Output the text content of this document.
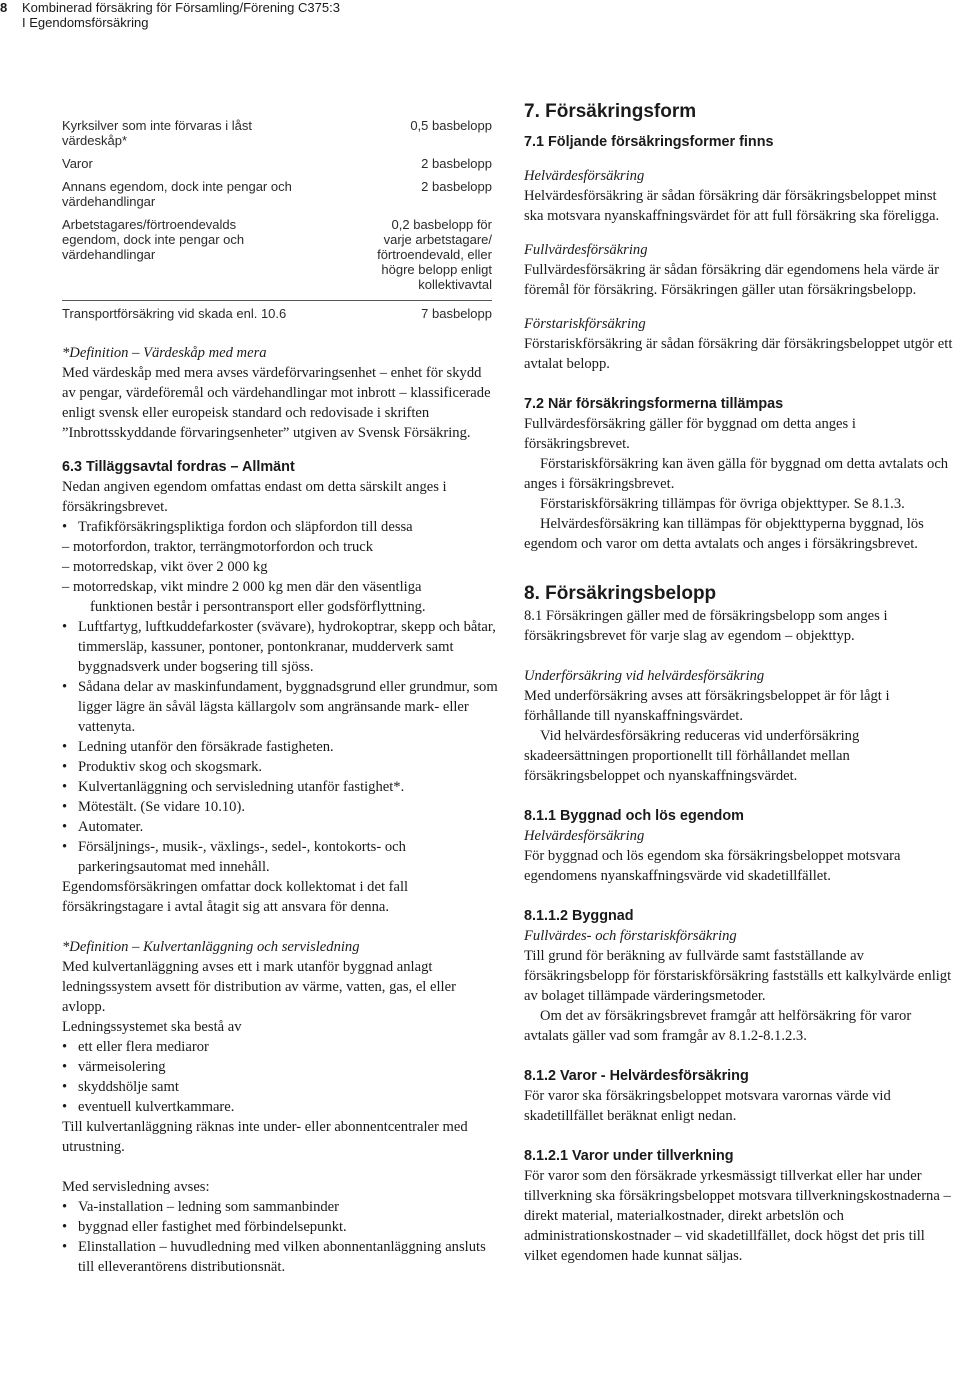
8 Kombinerad försäkring för Församling/Förening C375:3
I Egendomsförsäkring
Kyrksilver som inte förvaras i låst värdeskåp*	0,5 basbelopp
Varor	2 basbelopp
Annans egendom, dock inte pengar och värdehandlingar	2 basbelopp
Arbetstagares/förtroendevalds egendom, dock inte pengar och värdehandlingar	0,2 basbelopp för varje arbetstagare/ förtroendevald, eller högre belopp enligt kollektivavtal

Transportförsäkring vid skada enl. 10.6	7 basbelopp

*Definition – Värdeskåp med mera

Med värdeskåp med mera avses värdeförvaringsenhet – enhet för skydd av pengar, värdeföremål och värdehandlingar mot inbrott – klassificerade enligt svensk eller europeisk standard och redovisade i skriften ”Inbrottsskyddande förvaringsenheter” utgiven av Svensk Försäkring.

6.3 Tilläggsavtal fordras – Allmänt

Nedan angiven egendom omfattas endast om detta särskilt anges i försäkringsbrevet.

• Trafikförsäkringspliktiga fordon och släpfordon till dessa
– motorfordon, traktor, terrängmotorfordon och truck
– motorredskap, vikt över 2 000 kg
– motorredskap, vikt mindre 2 000 kg men där den väsentliga
funktionen består i persontransport eller godsförflyttning.
• Luftfartyg, luftkuddefarkoster (svävare), hydrokoptrar, skepp och båtar, timmersläp, kassuner, pontoner, pontonkranar, mudderverk samt byggnadsverk under bogsering till sjöss.
• Sådana delar av maskinfundament, byggnadsgrund eller grundmur, som ligger lägre än såväl lägsta källargolv som angränsande mark- eller vattenyta.
• Ledning utanför den försäkrade fastigheten.
• Produktiv skog och skogsmark.
• Kulvertanläggning och servisledning utanför fastighet*.
• Mötestält. (Se vidare 10.10).
• Automater.
• Försäljnings-, musik-, växlings-, sedel-, kontokorts- och parkeringsautomat med innehåll.

Egendomsförsäkringen omfattar dock kollektomat i det fall försäkringstagare i avtal åtagit sig att ansvara för denna.

*Definition – Kulvertanläggning och servisledning

Med kulvertanläggning avses ett i mark utanför byggnad anlagt ledningssystem avsett för distribution av värme, vatten, gas, el eller avlopp.

Ledningssystemet ska bestå av

• ett eller flera mediaror
• värmeisolering
• skyddshölje samt
• eventuell kulvertkammare.

Till kulvertanläggning räknas inte under- eller abonnentcentraler med utrustning.

Med servisledning avses:

• Va-installation – ledning som sammanbinder
• byggnad eller fastighet med förbindelsepunkt.
• Elinstallation – huvudledning med vilken abonnentanläggning ansluts till elleverantörens distributionsnät.

7. Försäkringsform

7.1 Följande försäkringsformer finns

Helvärdesförsäkring

Helvärdesförsäkring är sådan försäkring där försäkringsbeloppet minst ska motsvara nyanskaffningsvärdet för att full försäkring ska föreligga.

Fullvärdesförsäkring

Fullvärdesförsäkring är sådan försäkring där egendomens hela värde är föremål för försäkring. Försäkringen gäller utan försäkringsbelopp.

Förstariskförsäkring

Förstariskförsäkring är sådan försäkring där försäkringsbeloppet utgör ett avtalat belopp.

7.2 När försäkringsformerna tillämpas

Fullvärdesförsäkring gäller för byggnad om detta anges i försäkringsbrevet.

Förstariskförsäkring kan även gälla för byggnad om detta avtalats och anges i försäkringsbrevet.

Förstariskförsäkring tillämpas för övriga objekttyper. Se 8.1.3.

Helvärdesförsäkring kan tillämpas för objekttyperna byggnad, lös egendom och varor om detta avtalats och anges i försäkringsbrevet.

8. Försäkringsbelopp

8.1 Försäkringen gäller med de försäkringsbelopp som anges i försäkringsbrevet för varje slag av egendom – objekttyp.

Underförsäkring vid helvärdesförsäkring

Med underförsäkring avses att försäkringsbeloppet är för lågt i förhållande till nyanskaffningsvärdet.

Vid helvärdesförsäkring reduceras vid underförsäkring skadeersättningen proportionellt till förhållandet mellan försäkringsbeloppet och nyanskaffningsvärdet.

8.1.1 Byggnad och lös egendom

Helvärdesförsäkring

För byggnad och lös egendom ska försäkringsbeloppet motsvara egendomens nyanskaffningsvärde vid skadetillfället.

8.1.1.2 Byggnad

Fullvärdes- och förstariskförsäkring

Till grund för beräkning av fullvärde samt fastställande av försäkringsbelopp för förstariskförsäkring fastställs ett kalkylvärde enligt av bolaget tillämpade värderingsmetoder.

Om det av försäkringsbrevet framgår att helförsäkring för varor avtalats gäller vad som framgår av 8.1.2-8.1.2.3.

8.1.2 Varor - Helvärdesförsäkring

För varor ska försäkringsbeloppet motsvara varornas värde vid skadetillfället beräknat enligt nedan.

8.1.2.1 Varor under tillverkning

För varor som den försäkrade yrkesmässigt tillverkat eller har under tillverkning ska försäkringsbeloppet motsvara tillverkningskostnaderna – direkt material, materialkostnader, direkt arbetslön och administrationskostnader – vid skadetillfället, dock högst det pris till vilket egendomen hade kunnat säljas.
